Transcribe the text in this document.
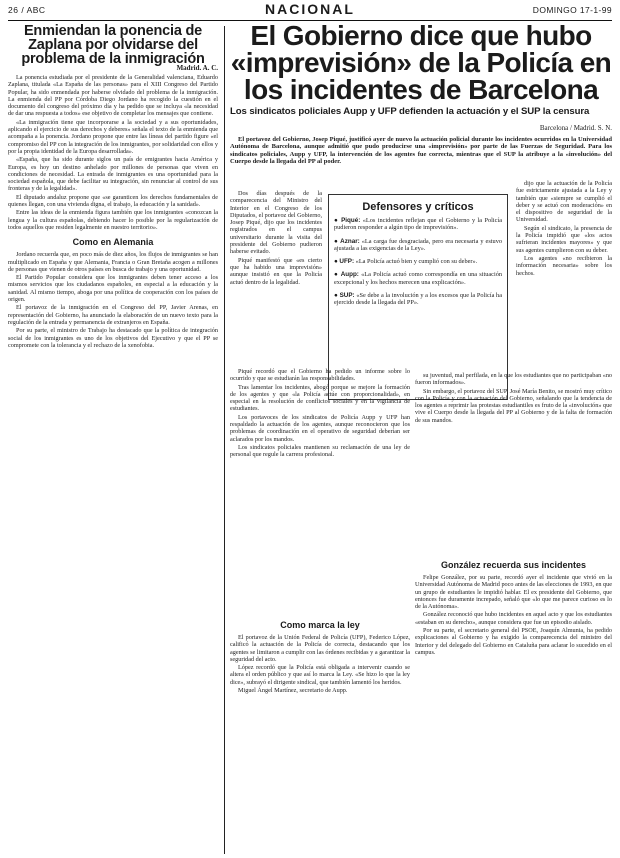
26 / ABC	NACIONAL	DOMINGO 17-1-99
Enmiendan la ponencia de Zaplana por olvidarse del problema de la inmigración
Madrid. A. C.

La ponencia estudiada por el presidente de la Generalidad valenciana, Eduardo Zaplana, titulada «La España de las personas» para el XIII Congreso del Partido Popular, ha sido enmendada por haberse olvidado del problema de la inmigración. La enmienda del PP por Córdoba Diego Jordano ha recogido la cuestión en el documento del congreso del próximo día y ha pedido que se incluya «la necesidad de dar una respuesta a todos» ese objetivo de completar los mensajes que contiene.

«La inmigración tiene que incorporarse a la sociedad y a sus oportunidades, aplicando el ejercicio de sus derechos y deberes» señala el texto de la enmienda que acompaña a la ponencia. Jordano propone que entre las líneas del partido figure «el compromiso del PP con la integración de los inmigrantes, por solidaridad con ellos y por la propia identidad de la Europa desarrollada».

«España, que ha sido durante siglos un país de emigrantes hacia América y Europa, es hoy un destino anhelado por millones de personas que viven en condiciones de necesidad. La entrada de inmigrantes es una oportunidad para la sociedad española, que debe facilitar su integración, sin renunciar al control de sus fronteras y de la legalidad».

El diputado andaluz propone que «se garanticen los derechos fundamentales de quienes llegan, con una vivienda digna, el trabajo, la educación y la sanidad».

Entre las ideas de la enmienda figura también que los inmigrantes «conozcan la lengua y la cultura españolas, debiendo hacer lo posible por la regularización de todos aquellos que residen legalmente en nuestro territorio».

Como en Alemania

Jordano recuerda que, en poco más de diez años, los flujos de inmigrantes se han multiplicado en España y que Alemania, Francia o Gran Bretaña acogen a millones de personas que vienen de otros países en busca de trabajo y una oportunidad.

El Partido Popular considera que los inmigrantes deben tener acceso a los mismos servicios que los ciudadanos españoles, en especial a la educación y la sanidad. Al mismo tiempo, aboga por una política de cooperación con los países de origen.

El portavoz de la inmigración en el Congreso del PP, Javier Arenas, en representación del Gobierno, ha anunciado la elaboración de un nuevo texto para la regulación de la entrada y permanencia de extranjeros en España.

Por su parte, el ministro de Trabajo ha destacado que la política de integración social de los inmigrantes es uno de los objetivos del Ejecutivo y que el PP se compromete con la tolerancia y el rechazo de la xenofobia.

El Gobierno dice que hubo «imprevisión» de la Policía en los incidentes de Barcelona
Los sindicatos policiales Aupp y UFP defienden la actuación y el SUP la censura
Barcelona / Madrid. S. N.

El portavoz del Gobierno, Josep Piqué, justificó ayer de nuevo la actuación policial durante los incidentes ocurridos en la Universidad Autónoma de Barcelona, aunque admitió que pudo producirse una «imprevisión» por parte de las Fuerzas de Seguridad. Para los sindicatos policiales, Aupp y UFP, la intervención de los agentes fue correcta, mientras que el SUP la atribuye a la «involución» del Cuerpo desde la llegada del PP al poder.

Dos días después de la comparecencia del Ministro del Interior en el Congreso de los Diputados, el portavoz del Gobierno, Josep Piqué, dijo que los incidentes registrados en el campus universitario durante la visita del presidente del Gobierno pudieron haberse evitado.

Piqué manifestó que «es cierto que ha habido una imprevisión» aunque insistió en que la Policía actuó dentro de la legalidad.

Defensores y críticos
● Piqué: «Los incidentes reflejan que el Gobierno y la Policía pudieron responder a algún tipo de imprevisión».
● Aznar: «La carga fue desgraciada, pero era necesaria y estuvo ajustada a las exigencias de la Ley».
● UFP: «La Policía actuó bien y cumplió con su deber».
● Aupp: «La Policía actuó como correspondía en una situación excepcional y los hechos merecen una explicación».
● SUP: «Se debe a la involución y a los excesos que la Policía ha ejercido desde la llegada del PP».

dijo que la actuación de la Policía fue estrictamente ajustada a la Ley y también que «siempre se cumplió el deber y se actuó con moderación» en el dispositivo de seguridad de la Universidad.

Según el sindicato, la presencia de la Policía impidió que «los actos sufrieran incidentes mayores» y que sus agentes cumplieron con su deber.

Los agentes «no recibieron la información necesaria» sobre los hechos.

Piqué recordó que el Gobierno ha pedido un informe sobre lo ocurrido y que se estudiarán las responsabilidades.

Tras lamentar los incidentes, abogó porque se mejore la formación de los agentes y que «la Policía actúe con proporcionalidad», en especial en la resolución de conflictos sociales y en la vigilancia de estudiantes.

Los portavoces de los sindicatos de Policía Aupp y UFP han respaldado la actuación de los agentes, aunque reconocieron que los problemas de coordinación en el operativo de seguridad deberían ser aclarados por los mandos.

Los sindicatos policiales mantienen su reclamación de una ley de personal que regule la carrera profesional.

Como marca la ley

El portavoz de la Unión Federal de Policía (UFP), Federico López, calificó la actuación de la Policía de correcta, destacando que los agentes se limitaron a cumplir con las órdenes recibidas y a garantizar la seguridad del acto.

López recordó que la Policía está obligada a intervenir cuando se altera el orden público y que así lo marca la Ley. «Se hizo lo que la ley dice», subrayó el dirigente sindical, que también lamentó los heridos.

Miguel Ángel Martínez, secretario de Aupp.

su juventud, mal perfilada, en la que los estudiantes que no participaban «no fueron informados».

Sin embargo, el portavoz del SUP, José María Benito, se mostró muy crítico con la Policía y con la actuación del Gobierno, señalando que la tendencia de los agentes a reprimir las protestas estudiantiles es fruto de la «involución» que vive el Cuerpo desde la llegada del PP al Gobierno y de la falta de formación de sus mandos.

González recuerda sus incidentes

Felipe González, por su parte, recordó ayer el incidente que vivió en la Universidad Autónoma de Madrid poco antes de las elecciones de 1993, en que un grupo de estudiantes le impidió hablar. El ex presidente del Gobierno, que entonces fue duramente increpado, señaló que «lo que me parece curioso es lo de la Autónoma».

González reconoció que hubo incidentes en aquel acto y que los estudiantes «estaban en su derecho», aunque considera que fue un episodio aislado.

Por su parte, el secretario general del PSOE, Joaquín Almunia, ha pedido explicaciones al Gobierno y ha exigido la comparecencia del ministro del Interior y del delegado del Gobierno en Cataluña para aclarar lo sucedido en el campus.
